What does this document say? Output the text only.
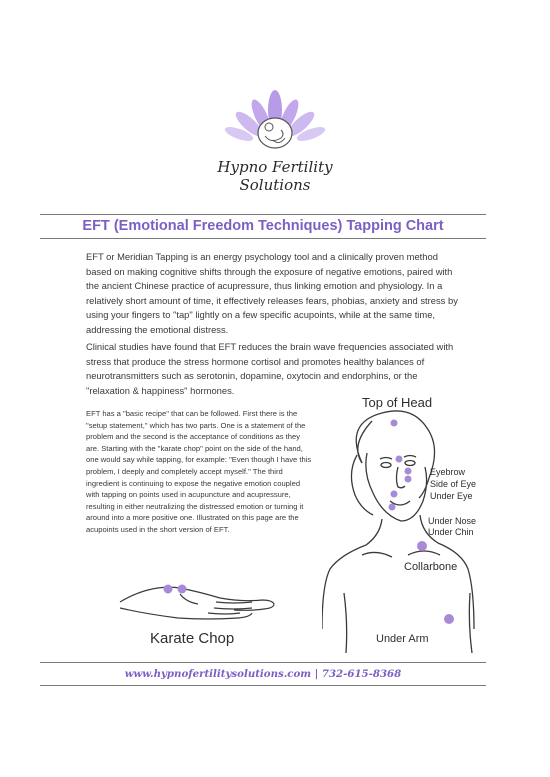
Hypno Fertility
Solutions
EFT (Emotional Freedom Techniques) Tapping Chart
EFT or Meridian Tapping is an energy psychology tool and a clinically proven method based on making cognitive shifts through the exposure of negative emotions, paired with the ancient Chinese practice of acupressure, thus linking emotion and physiology. In a relatively short amount of time, it effectively releases fears, phobias, anxiety and stress by using your fingers to "tap" lightly on a few specific acupoints, while at the same time, addressing the emotional distress.
Clinical studies have found that EFT reduces the brain wave frequencies associated with stress that produce the stress hormone cortisol and promotes healthy balances of neurotransmitters such as serotonin, dopamine, oxytocin and endorphins, or the "relaxation & happiness" hormones.
EFT has a "basic recipe" that can be followed. First there is the "setup statement," which has two parts. One is a statement of the problem and the second is the acceptance of conditions as they are. Starting with the "karate chop" point on the side of the hand, one would say while tapping, for example: "Even though I have this problem, I deeply and completely accept myself." The third ingredient is continuing to expose the negative emotion coupled with tapping on points used in acupuncture and acupressure, resulting in either neutralizing the distressed emotion or turning it around into a more positive one. Illustrated on this page are the acupoints used in the short version of EFT.
Top of Head
Eyebrow
Side of Eye
Under Eye
Under Nose
Under Chin
Collarbone
Under Arm
Karate Chop
www.hypnofertilitysolutions.com | 732-615-8368
